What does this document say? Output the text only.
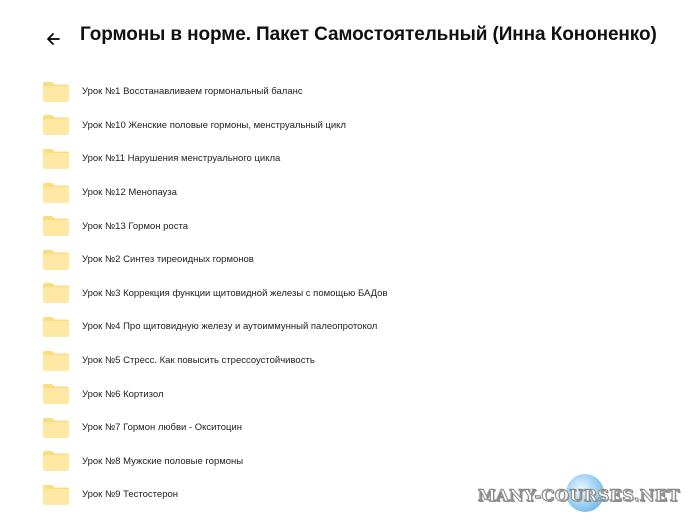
Гормоны в норме. Пакет Самостоятельный (Инна Кононенко)
Урок №1 Восстанавливаем гормональный баланс
Урок №10 Женские половые гормоны, менструальный цикл
Урок №11 Нарушения менструального цикла
Урок №12 Менопауза
Урок №13 Гормон роста
Урок №2 Синтез тиреоидных гормонов
Урок №3 Коррекция функции щитовидной железы с помощью БАДов
Урок №4 Про щитовидную железу и аутоиммунный палеопротокол
Урок №5 Стресс. Как повысить стрессоустойчивость
Урок №6 Кортизол
Урок №7 Гормон любви - Окситоцин
Урок №8 Мужские половые гормоны
Урок №9 Тестостерон	MANY-COURSES.NET
